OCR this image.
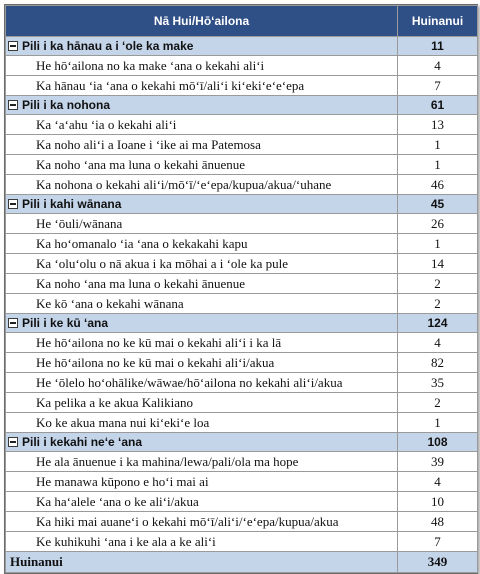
Nā Hui/Hōʻailona	Huinanui
Pili i ka hānau a i ʻole ka make	11
He hōʻailona no ka make ʻana o kekahi aliʻi	4
Ka hānau ʻia ʻana o kekahi mōʻī/aliʻi kiʻekiʻeʻeʻepa	7
Pili i ka nohona	61
Ka ʻaʻahu ʻia o kekahi aliʻi	13
Ka noho aliʻi a Ioane i ʻike ai ma Patemosa	1
Ka noho ʻana ma luna o kekahi ānuenue	1
Ka nohona o kekahi aliʻi/mōʻī/ʻeʻepa/kupua/akua/ʻuhane	46
Pili i kahi wānana	45
He ʻōuli/wānana	26
Ka hoʻomanalo ʻia ʻana o kekakahi kapu	1
Ka ʻoluʻolu o nā akua i ka mōhai a i ʻole ka pule	14
Ka noho ʻana ma luna o kekahi ānuenue	2
Ke kō ʻana o kekahi wānana	2
Pili i ke kū ʻana	124
He hōʻailona no ke kū mai o kekahi aliʻi i ka lā	4
He hōʻailona no ke kū mai o kekahi aliʻi/akua	82
He ʻōlelo hoʻohālike/wāwae/hōʻailona no kekahi aliʻi/akua	35
Ka pelika a ke akua Kalikiano	2
Ko ke akua mana nui kiʻekiʻe loa	1
Pili i kekahi neʻe ʻana	108
He ala ānuenue i ka mahina/lewa/pali/ola ma hope	39
He manawa kūpono e hoʻi mai ai	4
Ka haʻalele ʻana o ke aliʻi/akua	10
Ka hiki mai auaneʻi o kekahi mōʻī/aliʻi/ʻeʻepa/kupua/akua	48
Ke kuhikuhi ʻana i ke ala a ke aliʻi	7
Huinanui	349
